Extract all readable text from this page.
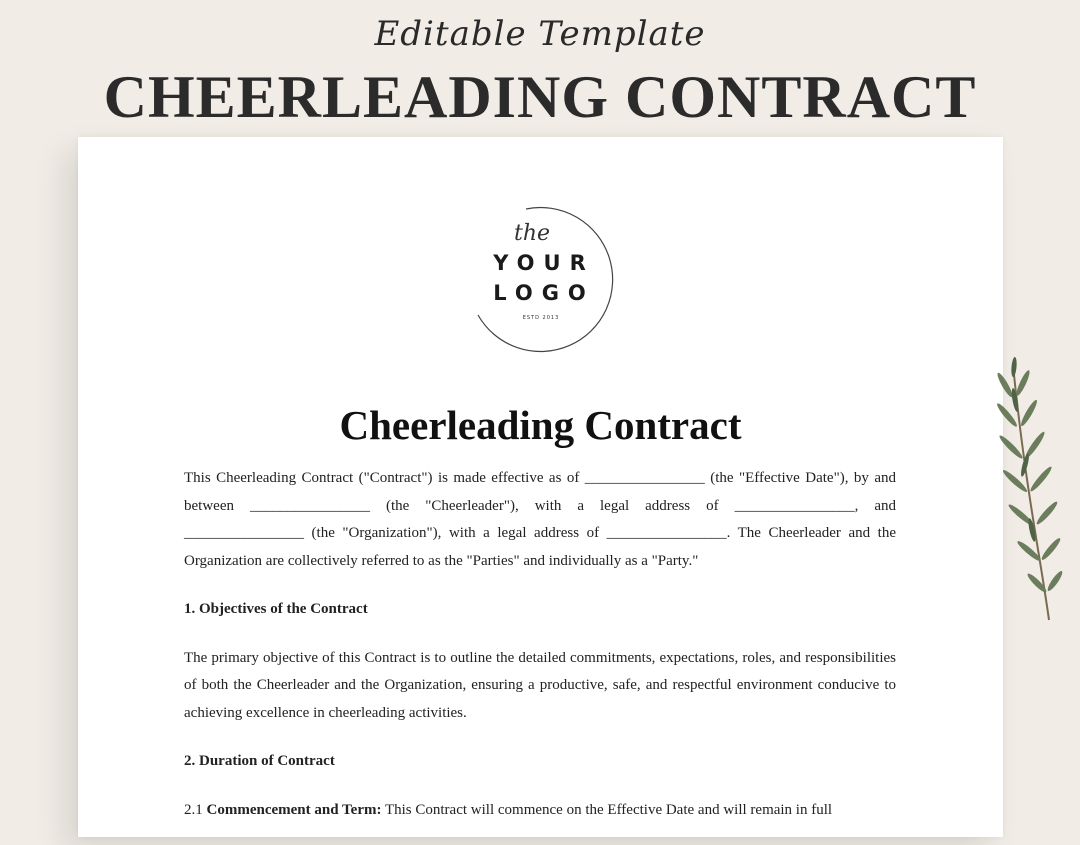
Editable Template
CHEERLEADING CONTRACT
the
YOUR
LOGO
ESTD 2013
Cheerleading Contract

This Cheerleading Contract ("Contract") is made effective as of ________________ (the "Effective Date"), by and between ________________ (the "Cheerleader"), with a legal address of ________________, and ________________ (the "Organization"), with a legal address of ________________. The Cheerleader and the Organization are collectively referred to as the "Parties" and individually as a "Party."

1. Objectives of the Contract

The primary objective of this Contract is to outline the detailed commitments, expectations, roles, and responsibilities of both the Cheerleader and the Organization, ensuring a productive, safe, and respectful environment conducive to achieving excellence in cheerleading activities.

2. Duration of Contract

2.1 Commencement and Term: This Contract will commence on the Effective Date and will remain in full
